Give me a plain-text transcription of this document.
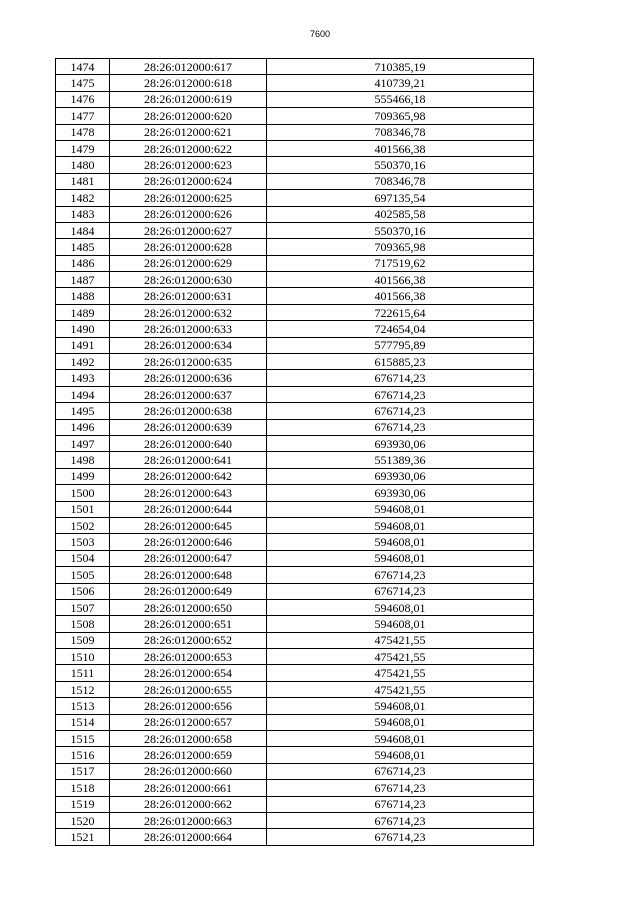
7600
1474	28:26:012000:617	710385,19
1475	28:26:012000:618	410739,21
1476	28:26:012000:619	555466,18
1477	28:26:012000:620	709365,98
1478	28:26:012000:621	708346,78
1479	28:26:012000:622	401566,38
1480	28:26:012000:623	550370,16
1481	28:26:012000:624	708346,78
1482	28:26:012000:625	697135,54
1483	28:26:012000:626	402585,58
1484	28:26:012000:627	550370,16
1485	28:26:012000:628	709365,98
1486	28:26:012000:629	717519,62
1487	28:26:012000:630	401566,38
1488	28:26:012000:631	401566,38
1489	28:26:012000:632	722615,64
1490	28:26:012000:633	724654,04
1491	28:26:012000:634	577795,89
1492	28:26:012000:635	615885,23
1493	28:26:012000:636	676714,23
1494	28:26:012000:637	676714,23
1495	28:26:012000:638	676714,23
1496	28:26:012000:639	676714,23
1497	28:26:012000:640	693930,06
1498	28:26:012000:641	551389,36
1499	28:26:012000:642	693930,06
1500	28:26:012000:643	693930,06
1501	28:26:012000:644	594608,01
1502	28:26:012000:645	594608,01
1503	28:26:012000:646	594608,01
1504	28:26:012000:647	594608,01
1505	28:26:012000:648	676714,23
1506	28:26:012000:649	676714,23
1507	28:26:012000:650	594608,01
1508	28:26:012000:651	594608,01
1509	28:26:012000:652	475421,55
1510	28:26:012000:653	475421,55
1511	28:26:012000:654	475421,55
1512	28:26:012000:655	475421,55
1513	28:26:012000:656	594608,01
1514	28:26:012000:657	594608,01
1515	28:26:012000:658	594608,01
1516	28:26:012000:659	594608,01
1517	28:26:012000:660	676714,23
1518	28:26:012000:661	676714,23
1519	28:26:012000:662	676714,23
1520	28:26:012000:663	676714,23
1521	28:26:012000:664	676714,23
